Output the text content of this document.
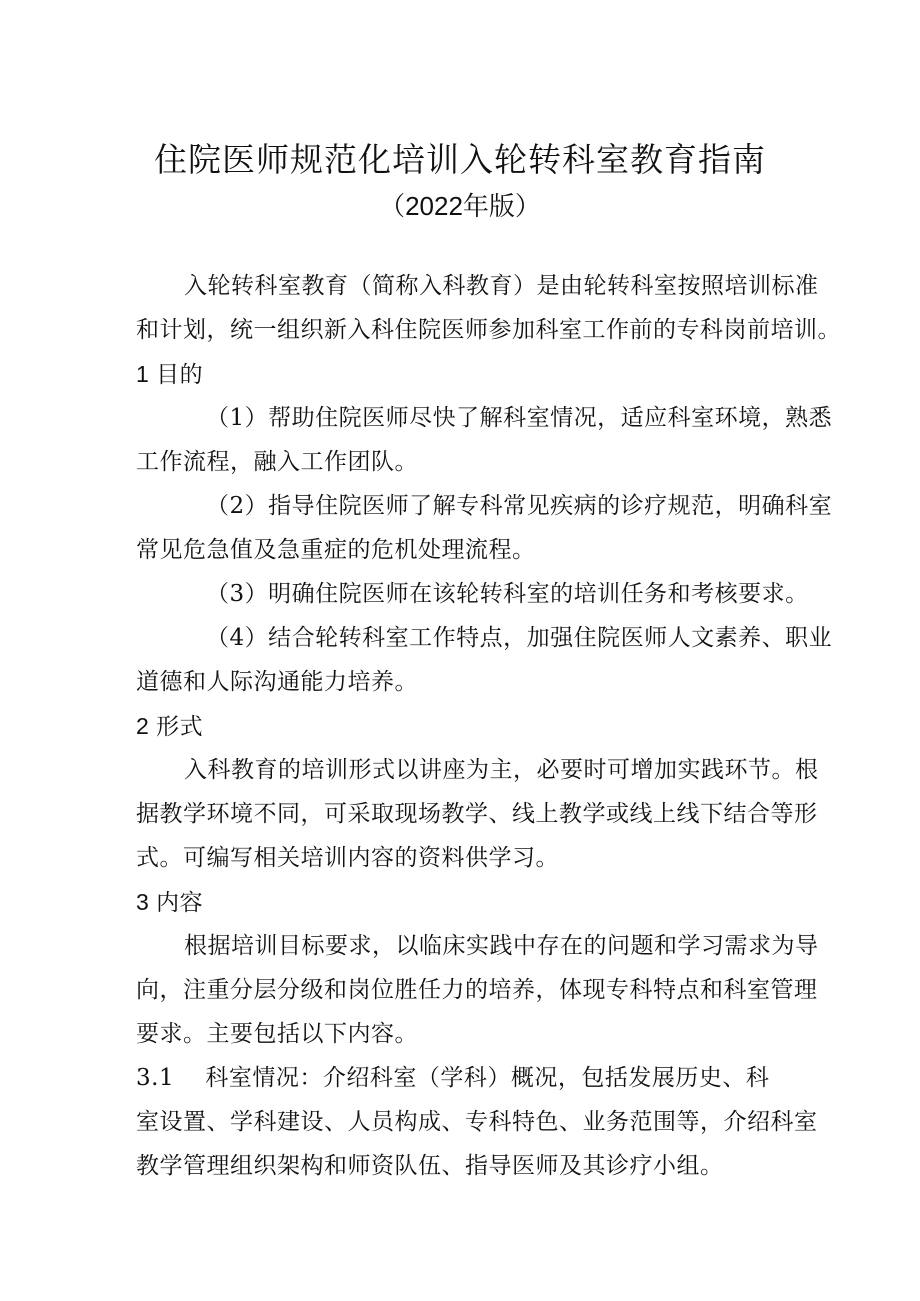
住院医师规范化培训入轮转科室教育指南
（2022年版）
入轮转科室教育（简称入科教育）是由轮转科室按照培训标准
和计划，统一组织新入科住院医师参加科室工作前的专科岗前培训。
1 目的
（1）帮助住院医师尽快了解科室情况，适应科室环境，熟悉
工作流程，融入工作团队。
（2）指导住院医师了解专科常见疾病的诊疗规范，明确科室
常见危急值及急重症的危机处理流程。
（3）明确住院医师在该轮转科室的培训任务和考核要求。
（4）结合轮转科室工作特点，加强住院医师人文素养、职业
道德和人际沟通能力培养。
2 形式
入科教育的培训形式以讲座为主，必要时可增加实践环节。根
据教学环境不同，可采取现场教学、线上教学或线上线下结合等形
式。可编写相关培训内容的资料供学习。
3 内容
根据培训目标要求，以临床实践中存在的问题和学习需求为导
向，注重分层分级和岗位胜任力的培养，体现专科特点和科室管理
要求。主要包括以下内容。
3.1    科室情况：介绍科室（学科）概况，包括发展历史、科
室设置、学科建设、人员构成、专科特色、业务范围等，介绍科室
教学管理组织架构和师资队伍、指导医师及其诊疗小组。
